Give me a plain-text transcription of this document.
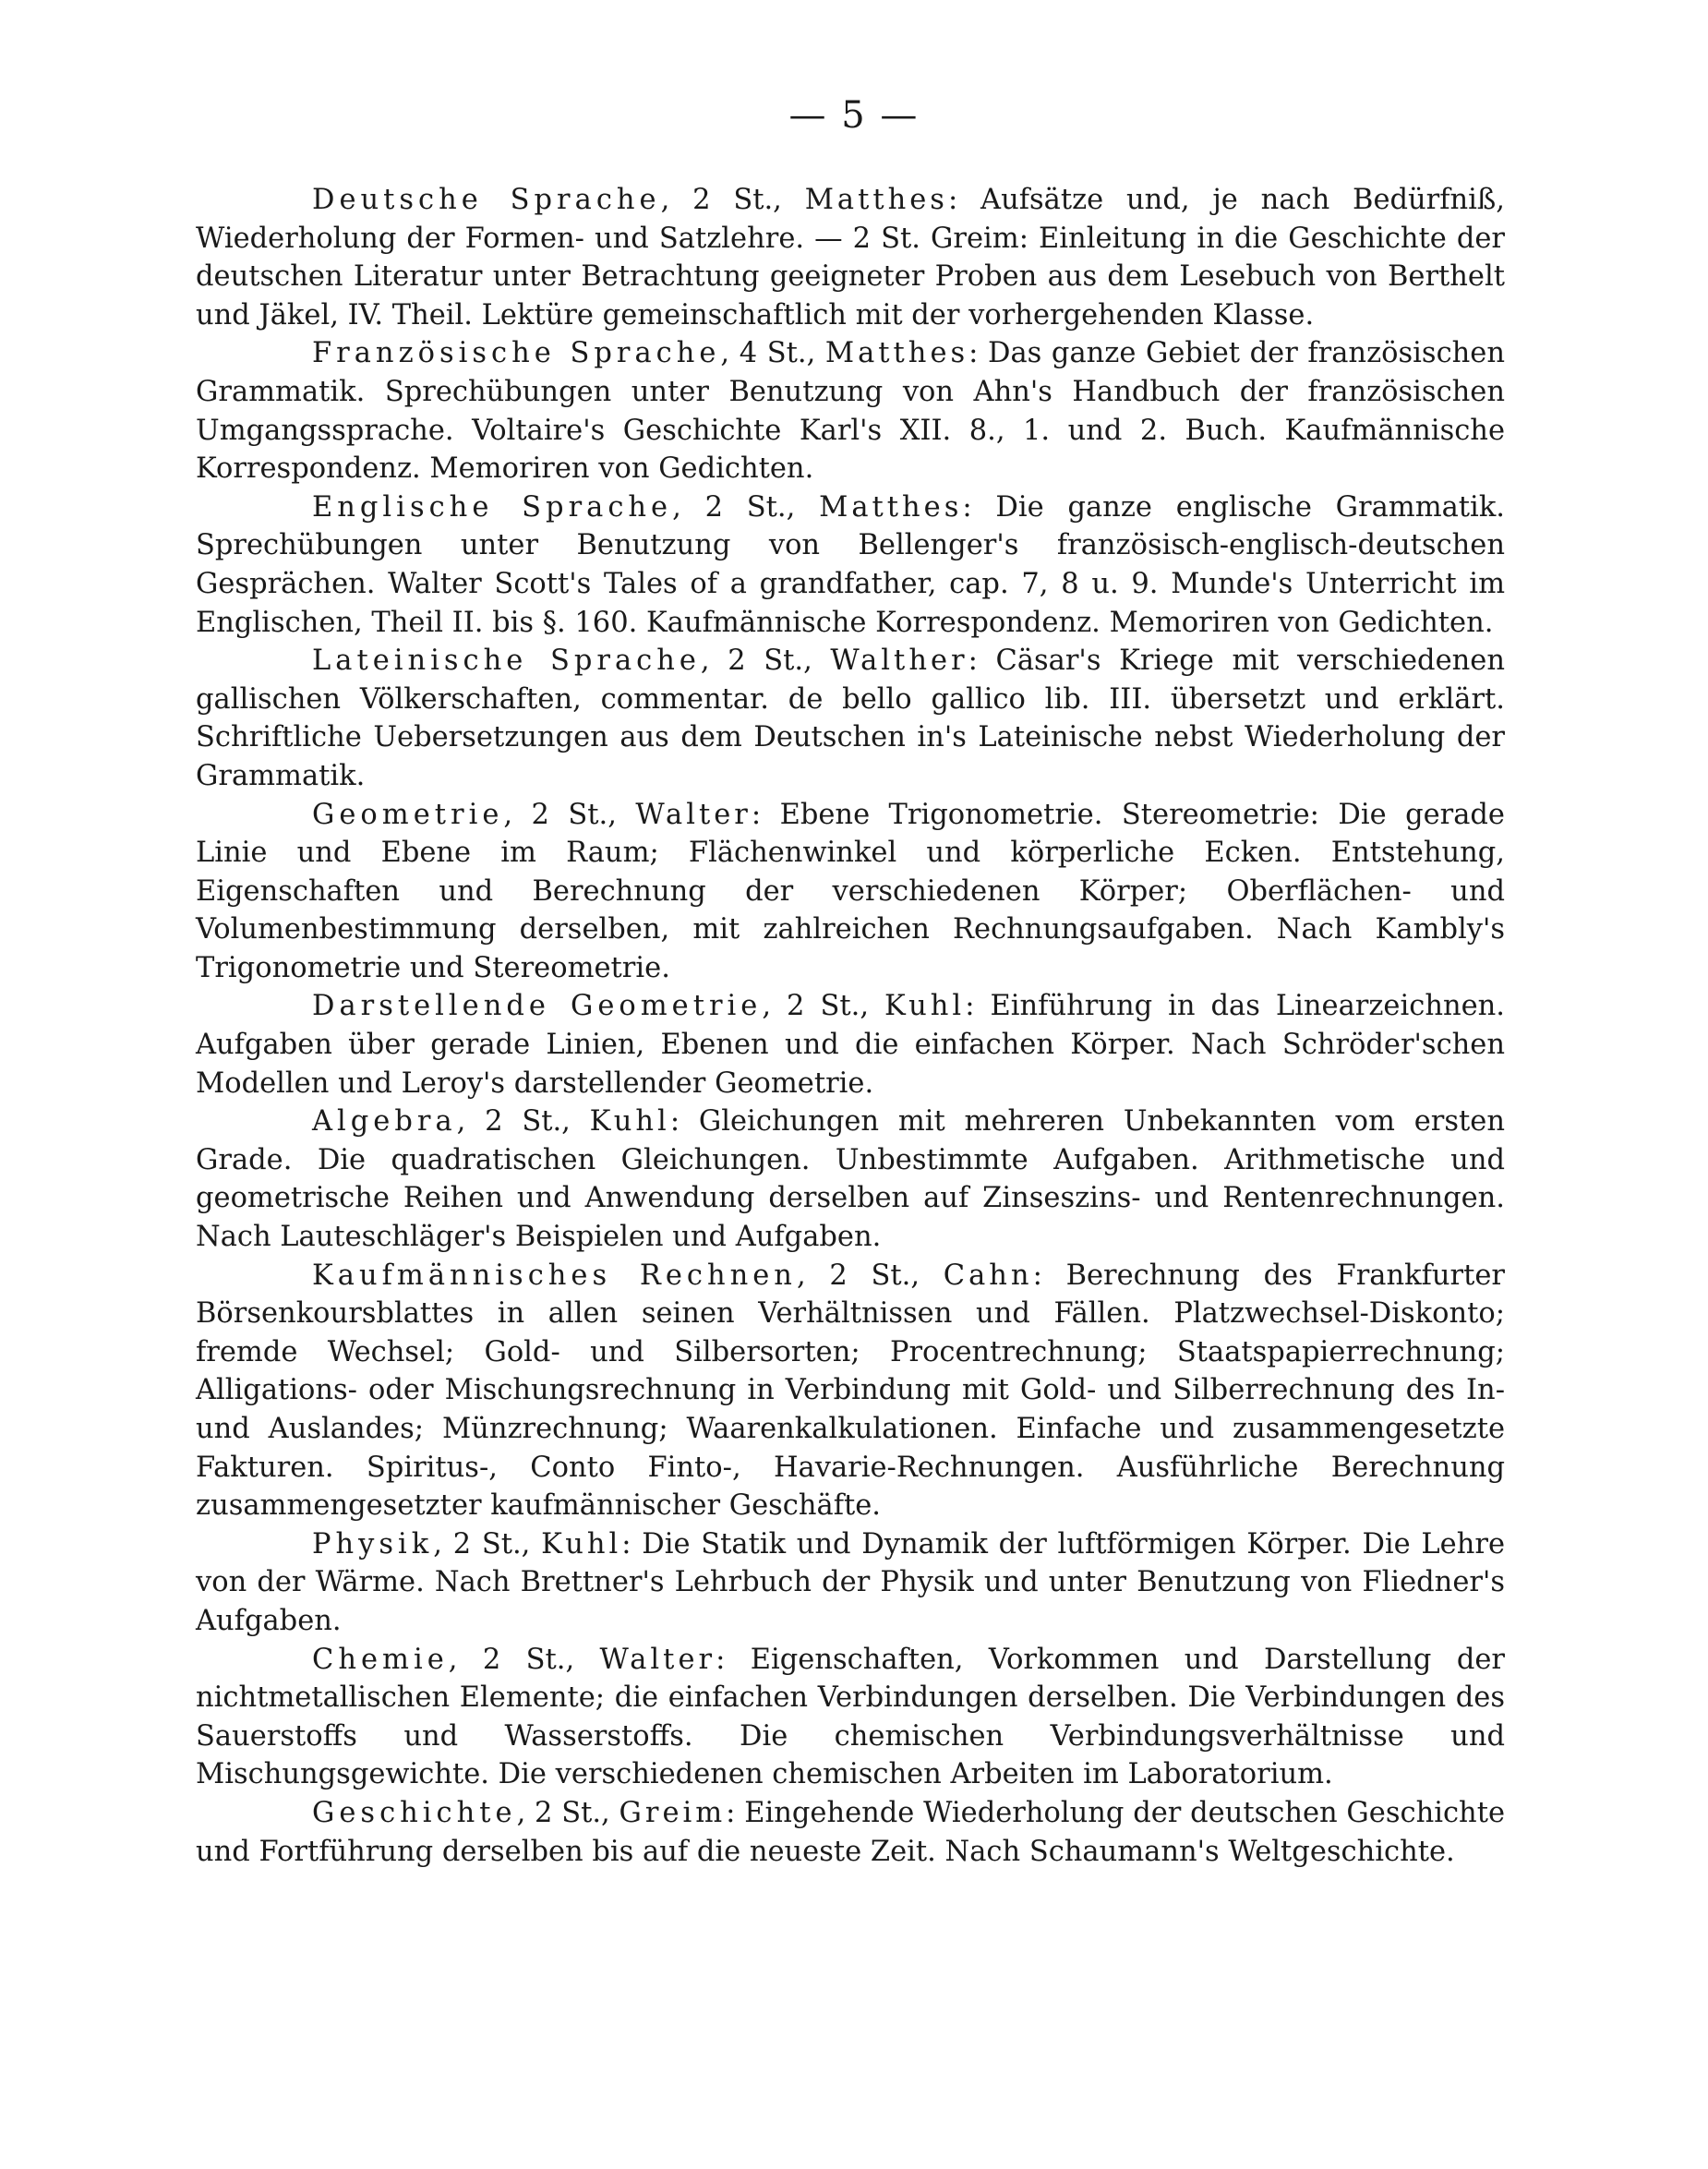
— 5 —

Deutsche Sprache, 2 St., Matthes: Aufsätze und, je nach Bedürfniß, Wiederholung der Formen- und Satzlehre. — 2 St. Greim: Einleitung in die Geschichte der deutschen Literatur unter Betrachtung geeigneter Proben aus dem Lesebuch von Berthelt und Jäkel, IV. Theil. Lektüre gemeinschaftlich mit der vorhergehenden Klasse.

Französische Sprache, 4 St., Matthes: Das ganze Gebiet der französischen Grammatik. Sprechübungen unter Benutzung von Ahn's Handbuch der französischen Umgangssprache. Voltaire's Geschichte Karl's XII. 8., 1. und 2. Buch. Kaufmännische Korrespondenz. Memoriren von Gedichten.

Englische Sprache, 2 St., Matthes: Die ganze englische Grammatik. Sprechübungen unter Benutzung von Bellenger's französisch-englisch-deutschen Gesprächen. Walter Scott's Tales of a grandfather, cap. 7, 8 u. 9. Munde's Unterricht im Englischen, Theil II. bis §. 160. Kaufmännische Korrespondenz. Memoriren von Gedichten.

Lateinische Sprache, 2 St., Walther: Cäsar's Kriege mit verschiedenen gallischen Völkerschaften, commentar. de bello gallico lib. III. übersetzt und erklärt. Schriftliche Uebersetzungen aus dem Deutschen in's Lateinische nebst Wiederholung der Grammatik.

Geometrie, 2 St., Walter: Ebene Trigonometrie. Stereometrie: Die gerade Linie und Ebene im Raum; Flächenwinkel und körperliche Ecken. Entstehung, Eigenschaften und Berechnung der verschiedenen Körper; Oberflächen- und Volumenbestimmung derselben, mit zahlreichen Rechnungsaufgaben. Nach Kambly's Trigonometrie und Stereometrie.

Darstellende Geometrie, 2 St., Kuhl: Einführung in das Linearzeichnen. Aufgaben über gerade Linien, Ebenen und die einfachen Körper. Nach Schröder'schen Modellen und Leroy's darstellender Geometrie.

Algebra, 2 St., Kuhl: Gleichungen mit mehreren Unbekannten vom ersten Grade. Die quadratischen Gleichungen. Unbestimmte Aufgaben. Arithmetische und geometrische Reihen und Anwendung derselben auf Zinseszins- und Rentenrechnungen. Nach Lauteschläger's Beispielen und Aufgaben.

Kaufmännisches Rechnen, 2 St., Cahn: Berechnung des Frankfurter Börsenkoursblattes in allen seinen Verhältnissen und Fällen. Platzwechsel-Diskonto; fremde Wechsel; Gold- und Silbersorten; Procentrechnung; Staatspapierrechnung; Alligations- oder Mischungsrechnung in Verbindung mit Gold- und Silberrechnung des In- und Auslandes; Münzrechnung; Waarenkalkulationen. Einfache und zusammengesetzte Fakturen. Spiritus-, Conto Finto-, Havarie-Rechnungen. Ausführliche Berechnung zusammengesetzter kaufmännischer Geschäfte.

Physik, 2 St., Kuhl: Die Statik und Dynamik der luftförmigen Körper. Die Lehre von der Wärme. Nach Brettner's Lehrbuch der Physik und unter Benutzung von Fliedner's Aufgaben.

Chemie, 2 St., Walter: Eigenschaften, Vorkommen und Darstellung der nichtmetallischen Elemente; die einfachen Verbindungen derselben. Die Verbindungen des Sauerstoffs und Wasserstoffs. Die chemischen Verbindungsverhältnisse und Mischungsgewichte. Die verschiedenen chemischen Arbeiten im Laboratorium.

Geschichte, 2 St., Greim: Eingehende Wiederholung der deutschen Geschichte und Fortführung derselben bis auf die neueste Zeit. Nach Schaumann's Weltgeschichte.
